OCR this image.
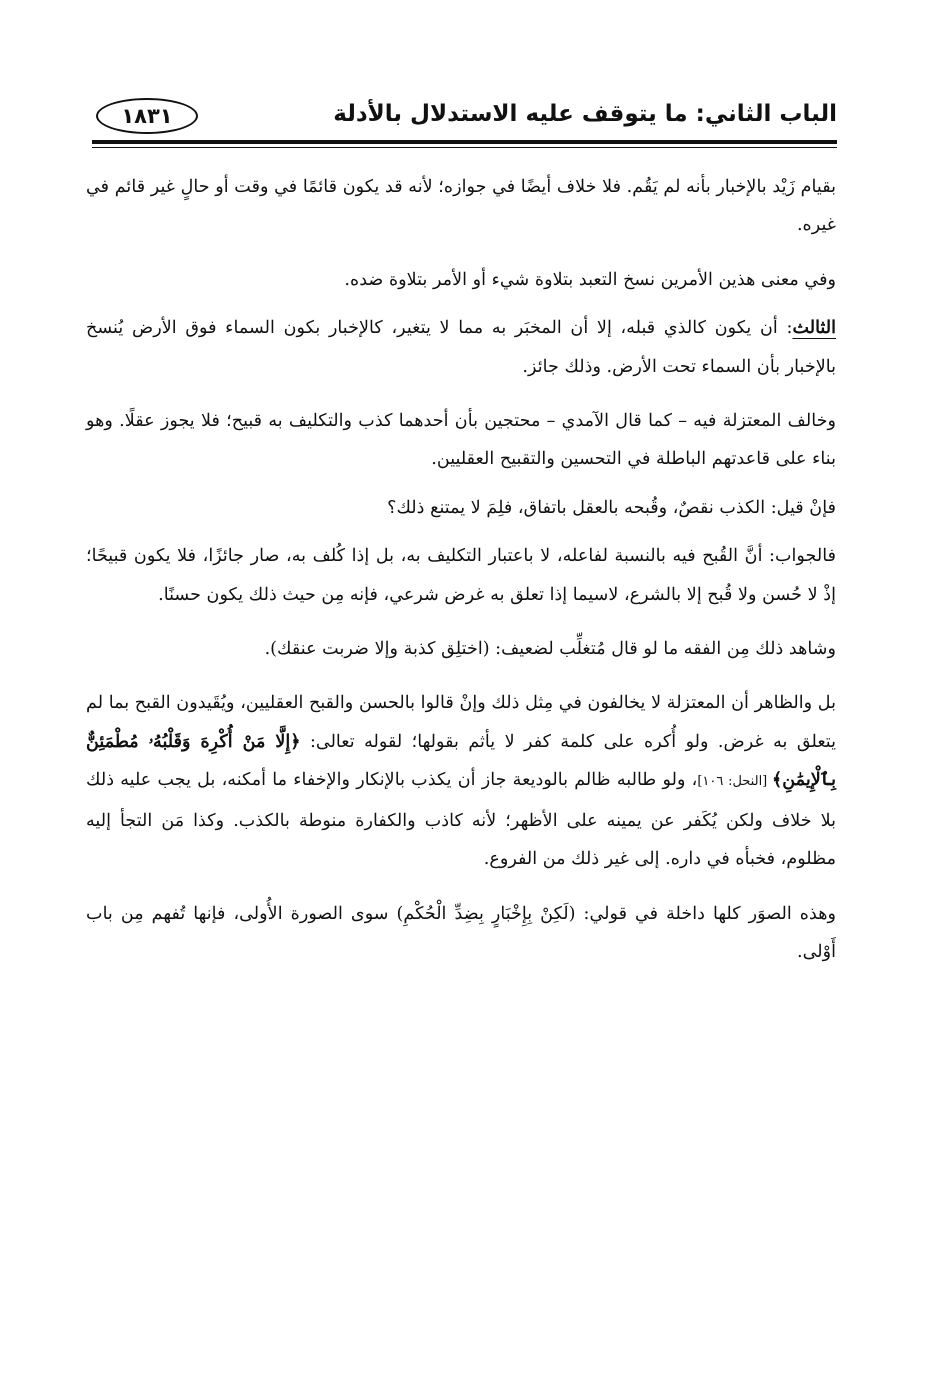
الباب الثاني: ما يتوقف عليه الاستدلال بالأدلة
١٨٣١

بقيام زَيْد بالإخبار بأنه لم يَقُم. فلا خلاف أيضًا في جوازه؛ لأنه قد يكون قائمًا في وقت أو حالٍ غير قائم في غيره.

وفي معنى هذين الأمرين نسخ التعبد بتلاوة شيء أو الأمر بتلاوة ضده.

الثالث: أن يكون كالذي قبله، إلا أن المخبَر به مما لا يتغير، كالإخبار بكون السماء فوق الأرض يُنسخ بالإخبار بأن السماء تحت الأرض. وذلك جائز.

وخالف المعتزلة فيه – كما قال الآمدي – محتجين بأن أحدهما كذب والتكليف به قبيح؛ فلا يجوز عقلًا. وهو بناء على قاعدتهم الباطلة في التحسين والتقبيح العقليين.

فإنْ قيل: الكذب نقصٌ، وقُبحه بالعقل باتفاق، فلِمَ لا يمتنع ذلك؟

فالجواب: أنَّ القُبح فيه بالنسبة لفاعله، لا باعتبار التكليف به، بل إذا كُلف به، صار جائزًا، فلا يكون قبيحًا؛ إذْ لا حُسن ولا قُبح إلا بالشرع، لاسيما إذا تعلق به غرض شرعي، فإنه مِن حيث ذلك يكون حسنًا.

وشاهد ذلك مِن الفقه ما لو قال مُتغلِّب لضعيف: (اختلِق كذبة وإلا ضربت عنقك).

بل والظاهر أن المعتزلة لا يخالفون في مِثل ذلك وإنْ قالوا بالحسن والقبح العقليين، ويُقَيدون القبح بما لم يتعلق به غرض. ولو أُكره على كلمة كفر لا يأثم بقولها؛ لقوله تعالى: ﴿إِلَّا مَنْ أُكْرِهَ وَقَلْبُهُۥ مُطْمَئِنٌّ بِٱلْإِيمَٰنِ﴾ [النحل: ١٠٦]، ولو طالبه ظالم بالوديعة جاز أن يكذب بالإنكار والإخفاء ما أمكنه، بل يجب عليه ذلك بلا خلاف ولكن يُكَفر عن يمينه على الأظهر؛ لأنه كاذب والكفارة منوطة بالكذب. وكذا مَن التجأ إليه مظلوم، فخبأه في داره. إلى غير ذلك من الفروع.

وهذه الصوَر كلها داخلة في قولي: (لَكِنْ بِإِخْبَارٍ بِضِدِّ الْحُكْمِ) سوى الصورة الأُولى، فإنها تُفهم مِن باب أَوْلى.
